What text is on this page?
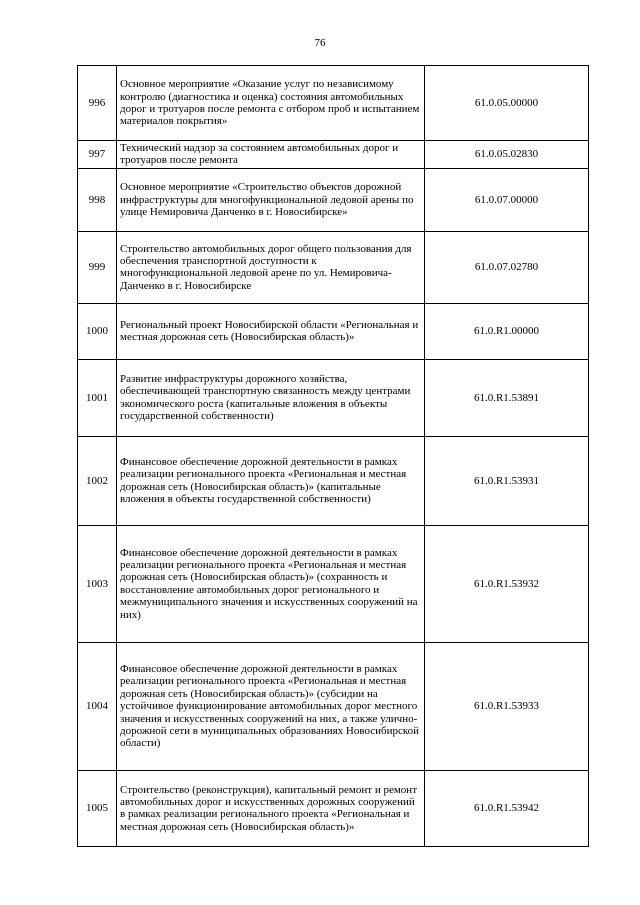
76
996	Основное мероприятие «Оказание услуг по независимому контролю (диагностика и оценка) состояния автомобильных дорог и тротуаров после ремонта с отбором проб и испытанием материалов покрытия»	61.0.05.00000
997	Технический надзор за состоянием автомобильных дорог и тротуаров после ремонта	61.0.05.02830
998	Основное мероприятие «Строительство объектов дорожной инфраструктуры для многофункциональной ледовой арены по улице Немировича Данченко в г. Новосибирске»	61.0.07.00000
999	Строительство автомобильных дорог общего пользования для обеспечения транспортной доступности к многофункциональной ледовой арене по ул. Немировича-Данченко в г. Новосибирске	61.0.07.02780
1000	Региональный проект Новосибирской области «Региональная и местная дорожная сеть (Новосибирская область)»	61.0.R1.00000
1001	Развитие инфраструктуры дорожного хозяйства, обеспечивающей транспортную связанность между центрами экономического роста (капитальные вложения в объекты государственной собственности)	61.0.R1.53891
1002	Финансовое обеспечение дорожной деятельности в рамках реализации регионального проекта «Региональная и местная дорожная сеть (Новосибирская область)» (капитальные вложения в объекты государственной собственности)	61.0.R1.53931
1003	Финансовое обеспечение дорожной деятельности в рамках реализации регионального проекта «Региональная и местная дорожная сеть (Новосибирская область)» (сохранность и восстановление автомобильных дорог регионального и межмуниципального значения и искусственных сооружений на них)	61.0.R1.53932
1004	Финансовое обеспечение дорожной деятельности в рамках реализации регионального проекта «Региональная и местная дорожная сеть (Новосибирская область)» (субсидии на устойчивое функционирование автомобильных дорог местного значения и искусственных сооружений на них, а также улично-дорожной сети в муниципальных образованиях Новосибирской области)	61.0.R1.53933
1005	Строительство (реконструкция), капитальный ремонт и ремонт автомобильных дорог и искусственных дорожных сооружений в рамках реализации регионального проекта «Региональная и местная дорожная сеть (Новосибирская область)»	61.0.R1.53942
